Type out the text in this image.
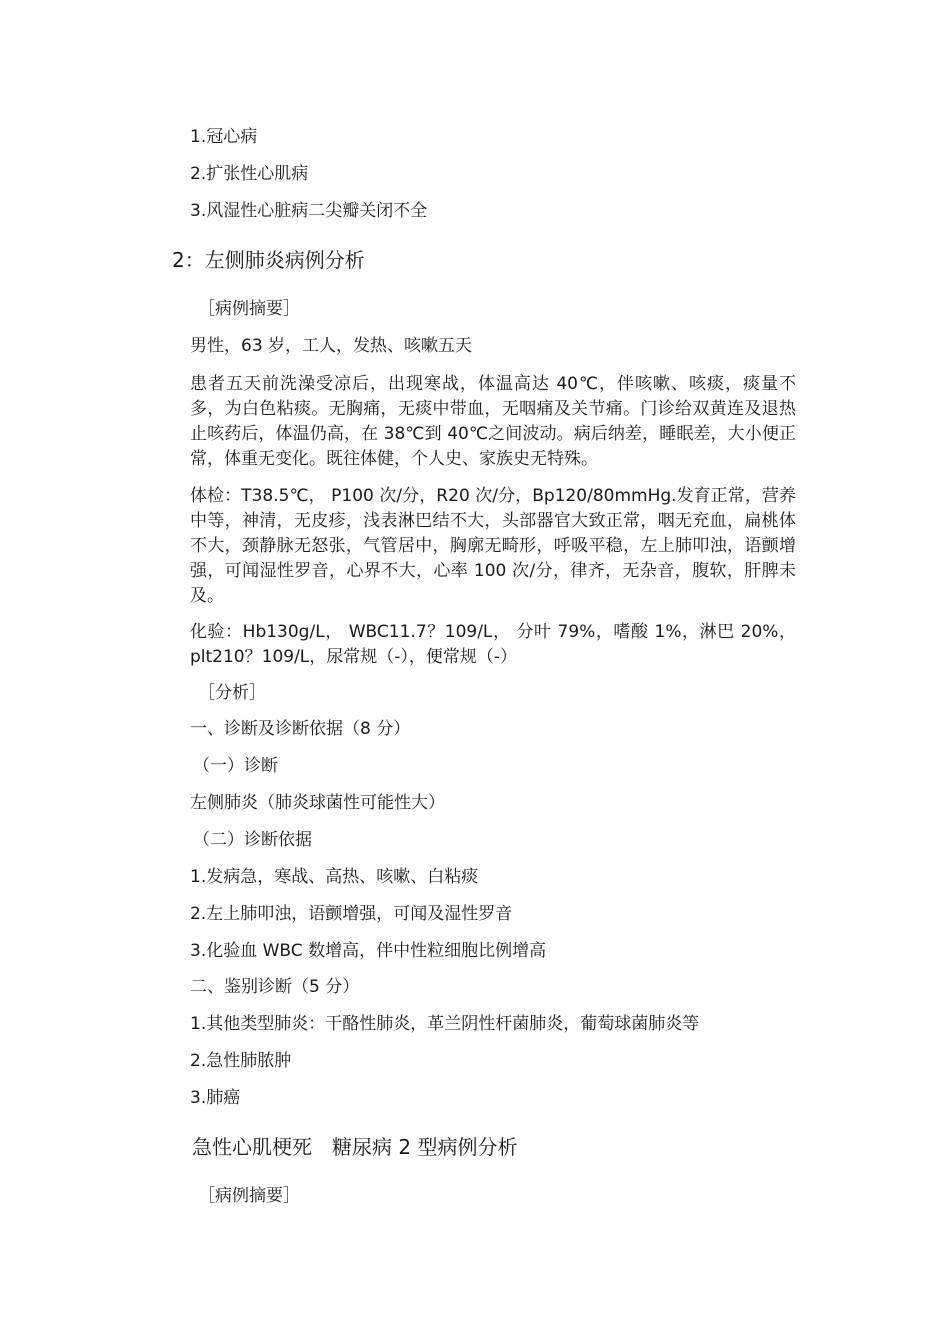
1.冠心病
2.扩张性心肌病
3.风湿性心脏病二尖瓣关闭不全
2：左侧肺炎病例分析
［病例摘要］
男性，63 岁，工人，发热、咳嗽五天
患者五天前洗澡受凉后，出现寒战，体温高达 40℃，伴咳嗽、咳痰，痰量不多，为白色粘痰。无胸痛，无痰中带血，无咽痛及关节痛。门诊给双黄连及退热止咳药后，体温仍高，在 38℃到 40℃之间波动。病后纳差，睡眠差，大小便正常，体重无变化。既往体健，个人史、家族史无特殊。
体检：T38.5℃， P100 次/分，R20 次/分，Bp120/80mmHg.发育正常，营养中等，神清，无皮疹，浅表淋巴结不大，头部器官大致正常，咽无充血，扁桃体不大，颈静脉无怒张，气管居中，胸廓无畸形，呼吸平稳，左上肺叩浊，语颤增强，可闻湿性罗音，心界不大，心率 100 次/分，律齐，无杂音，腹软，肝脾未及。
化验：Hb130g/L， WBC11.7？109/L， 分叶 79%，嗜酸 1%，淋巴 20%，plt210？109/L，尿常规（-），便常规（-）
［分析］
一、诊断及诊断依据（8 分）
（一）诊断
左侧肺炎（肺炎球菌性可能性大）
（二）诊断依据
1.发病急，寒战、高热、咳嗽、白粘痰
2.左上肺叩浊，语颤增强，可闻及湿性罗音
3.化验血 WBC 数增高，伴中性粒细胞比例增高
二、鉴别诊断（5 分）
1.其他类型肺炎：干酪性肺炎，革兰阴性杆菌肺炎，葡萄球菌肺炎等
2.急性肺脓肿
3.肺癌
急性心肌梗死　糖尿病 2 型病例分析
［病例摘要］
